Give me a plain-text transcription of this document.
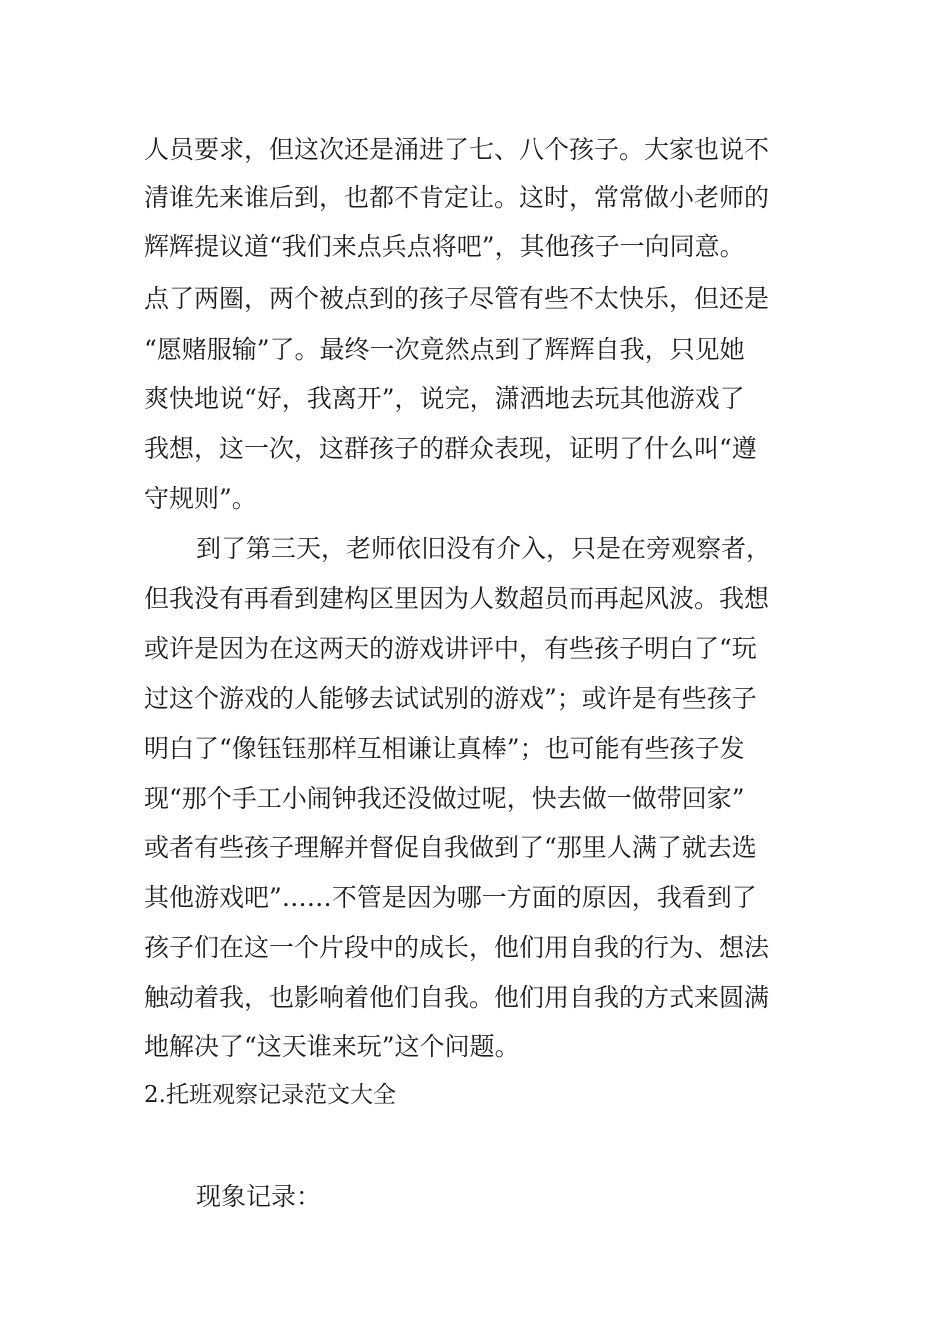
人员要求，但这次还是涌进了七、八个孩子。大家也说不
清谁先来谁后到，也都不肯定让。这时，常常做小老师的
辉辉提议道“我们来点兵点将吧”，其他孩子一向同意。
点了两圈，两个被点到的孩子尽管有些不太快乐，但还是
“愿赌服输”了。最终一次竟然点到了辉辉自我，只见她
爽快地说“好，我离开”，说完，潇洒地去玩其他游戏了
我想，这一次，这群孩子的群众表现，证明了什么叫“遵
守规则”。
到了第三天，老师依旧没有介入，只是在旁观察者，
但我没有再看到建构区里因为人数超员而再起风波。我想
或许是因为在这两天的游戏讲评中，有些孩子明白了“玩
过这个游戏的人能够去试试别的游戏”；或许是有些孩子
明白了“像钰钰那样互相谦让真棒”；也可能有些孩子发
现“那个手工小闹钟我还没做过呢，快去做一做带回家”
或者有些孩子理解并督促自我做到了“那里人满了就去选
其他游戏吧”……不管是因为哪一方面的原因，我看到了
孩子们在这一个片段中的成长，他们用自我的行为、想法
触动着我，也影响着他们自我。他们用自我的方式来圆满
地解决了“这天谁来玩”这个问题。
2.托班观察记录范文大全
现象记录：
